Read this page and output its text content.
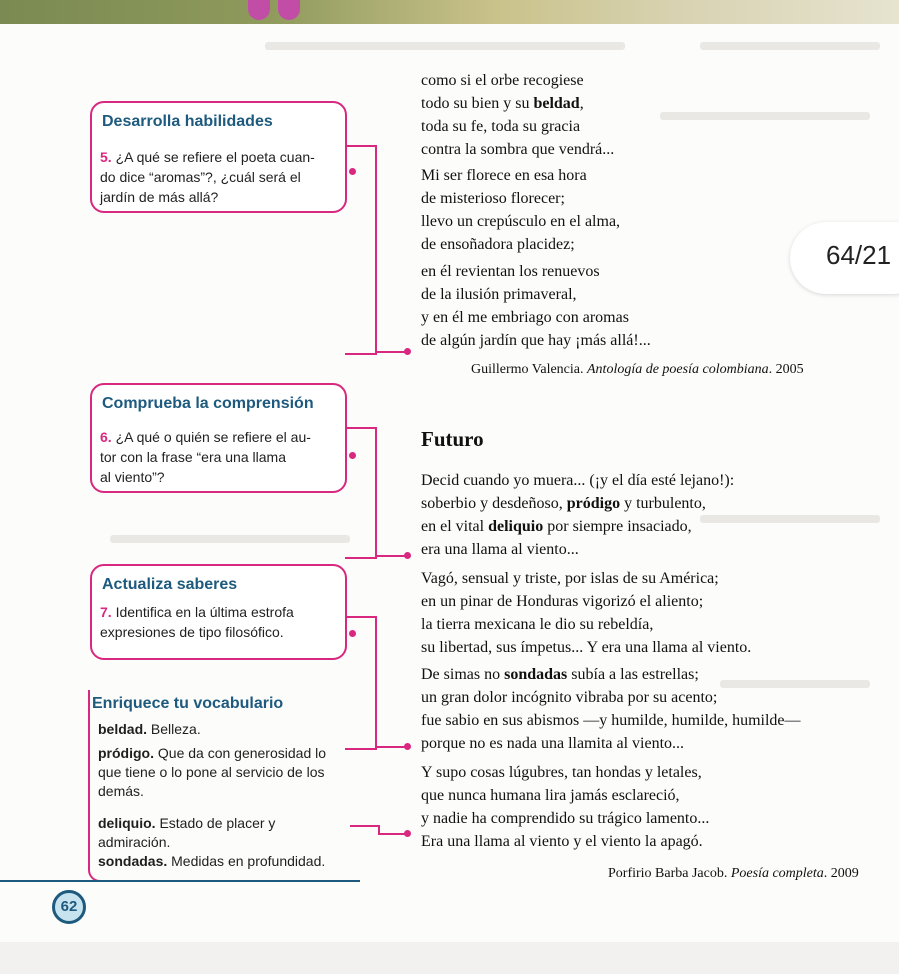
como si el orbe recogiese
todo su bien y su beldad,
toda su fe, toda su gracia
contra la sombra que vendrá...
Mi ser florece en esa hora
de misterioso florecer;
llevo un crepúsculo en el alma,
de ensoñadora placidez;
en él revientan los renuevos
de la ilusión primaveral,
y en él me embriago con aromas
de algún jardín que hay ¡más allá!...
Guillermo Valencia. Antología de poesía colombiana. 2005
Futuro
Decid cuando yo muera... (¡y el día esté lejano!):
soberbio y desdeñoso, pródigo y turbulento,
en el vital deliquio por siempre insaciado,
era una llama al viento...
Vagó, sensual y triste, por islas de su América;
en un pinar de Honduras vigorizó el aliento;
la tierra mexicana le dio su rebeldía,
su libertad, sus ímpetus... Y era una llama al viento.
De simas no sondadas subía a las estrellas;
un gran dolor incógnito vibraba por su acento;
fue sabio en sus abismos —y humilde, humilde, humilde—
porque no es nada una llamita al viento...
Y supo cosas lúgubres, tan hondas y letales,
que nunca humana lira jamás esclareció,
y nadie ha comprendido su trágico lamento...
Era una llama al viento y el viento la apagó.
Porfirio Barba Jacob. Poesía completa. 2009
Desarrolla habilidades

5. ¿A qué se refiere el poeta cuan-
do dice “aromas”?, ¿cuál será el
jardín de más allá?

Comprueba la comprensión

6. ¿A qué o quién se refiere el au-
tor con la frase “era una llama
al viento”?

Actualiza saberes

7. Identifica en la última estrofa
expresiones de tipo filosófico.

Enriquece tu vocabulario
beldad. Belleza.
pródigo. Que da con generosidad lo que tiene o lo pone al servicio de los demás.
deliquio. Estado de placer y admiración.
sondadas. Medidas en profundidad.
62
64/21
